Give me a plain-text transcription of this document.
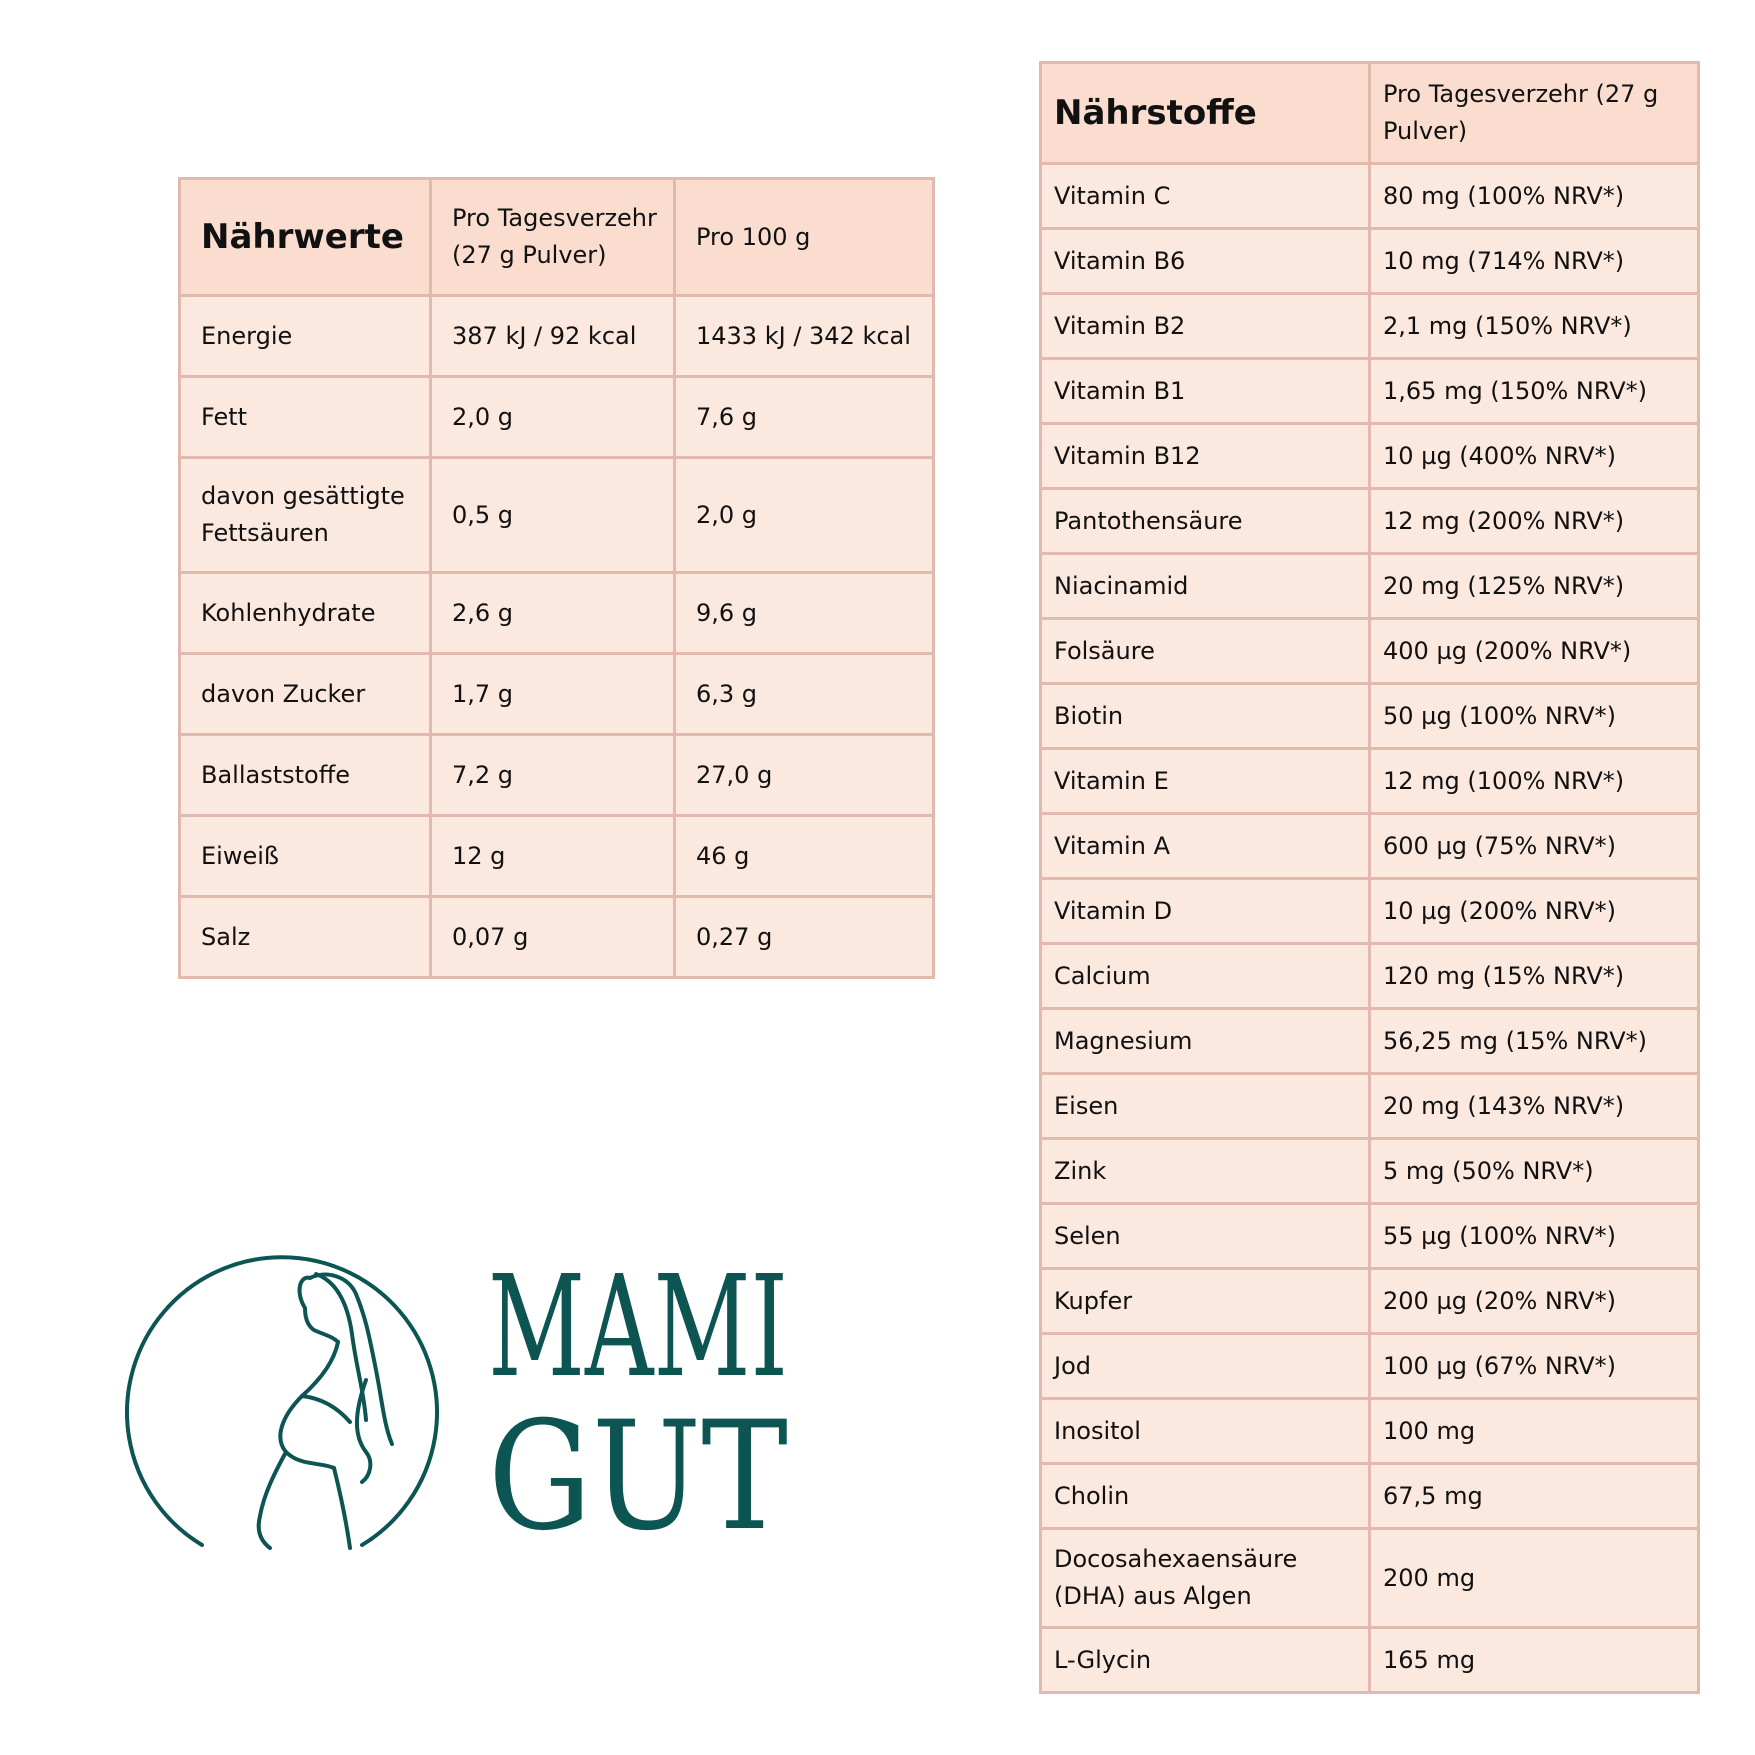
Nährwerte	Pro Tagesverzehr (27 g Pulver)	Pro 100 g
Energie	387 kJ / 92 kcal	1433 kJ / 342 kcal
Fett	2,0 g	7,6 g
davon gesättigte Fettsäuren	0,5 g	2,0 g
Kohlenhydrate	2,6 g	9,6 g
davon Zucker	1,7 g	6,3 g
Ballaststoffe	7,2 g	27,0 g
Eiweiß	12 g	46 g
Salz	0,07 g	0,27 g
Nährstoffe	Pro Tagesverzehr (27 g Pulver)
Vitamin C	80 mg (100% NRV*)
Vitamin B6	10 mg (714% NRV*)
Vitamin B2	2,1 mg (150% NRV*)
Vitamin B1	1,65 mg (150% NRV*)
Vitamin B12	10 µg (400% NRV*)
Pantothensäure	12 mg (200% NRV*)
Niacinamid	20 mg (125% NRV*)
Folsäure	400 µg (200% NRV*)
Biotin	50 µg (100% NRV*)
Vitamin E	12 mg (100% NRV*)
Vitamin A	600 µg (75% NRV*)
Vitamin D	10 µg (200% NRV*)
Calcium	120 mg (15% NRV*)
Magnesium	56,25 mg (15% NRV*)
Eisen	20 mg (143% NRV*)
Zink	5 mg (50% NRV*)
Selen	55 µg (100% NRV*)
Kupfer	200 µg (20% NRV*)
Jod	100 µg (67% NRV*)
Inositol	100 mg
Cholin	67,5 mg
Docosahexaensäure (DHA) aus Algen	200 mg
L-Glycin	165 mg
MAMI
GUT
